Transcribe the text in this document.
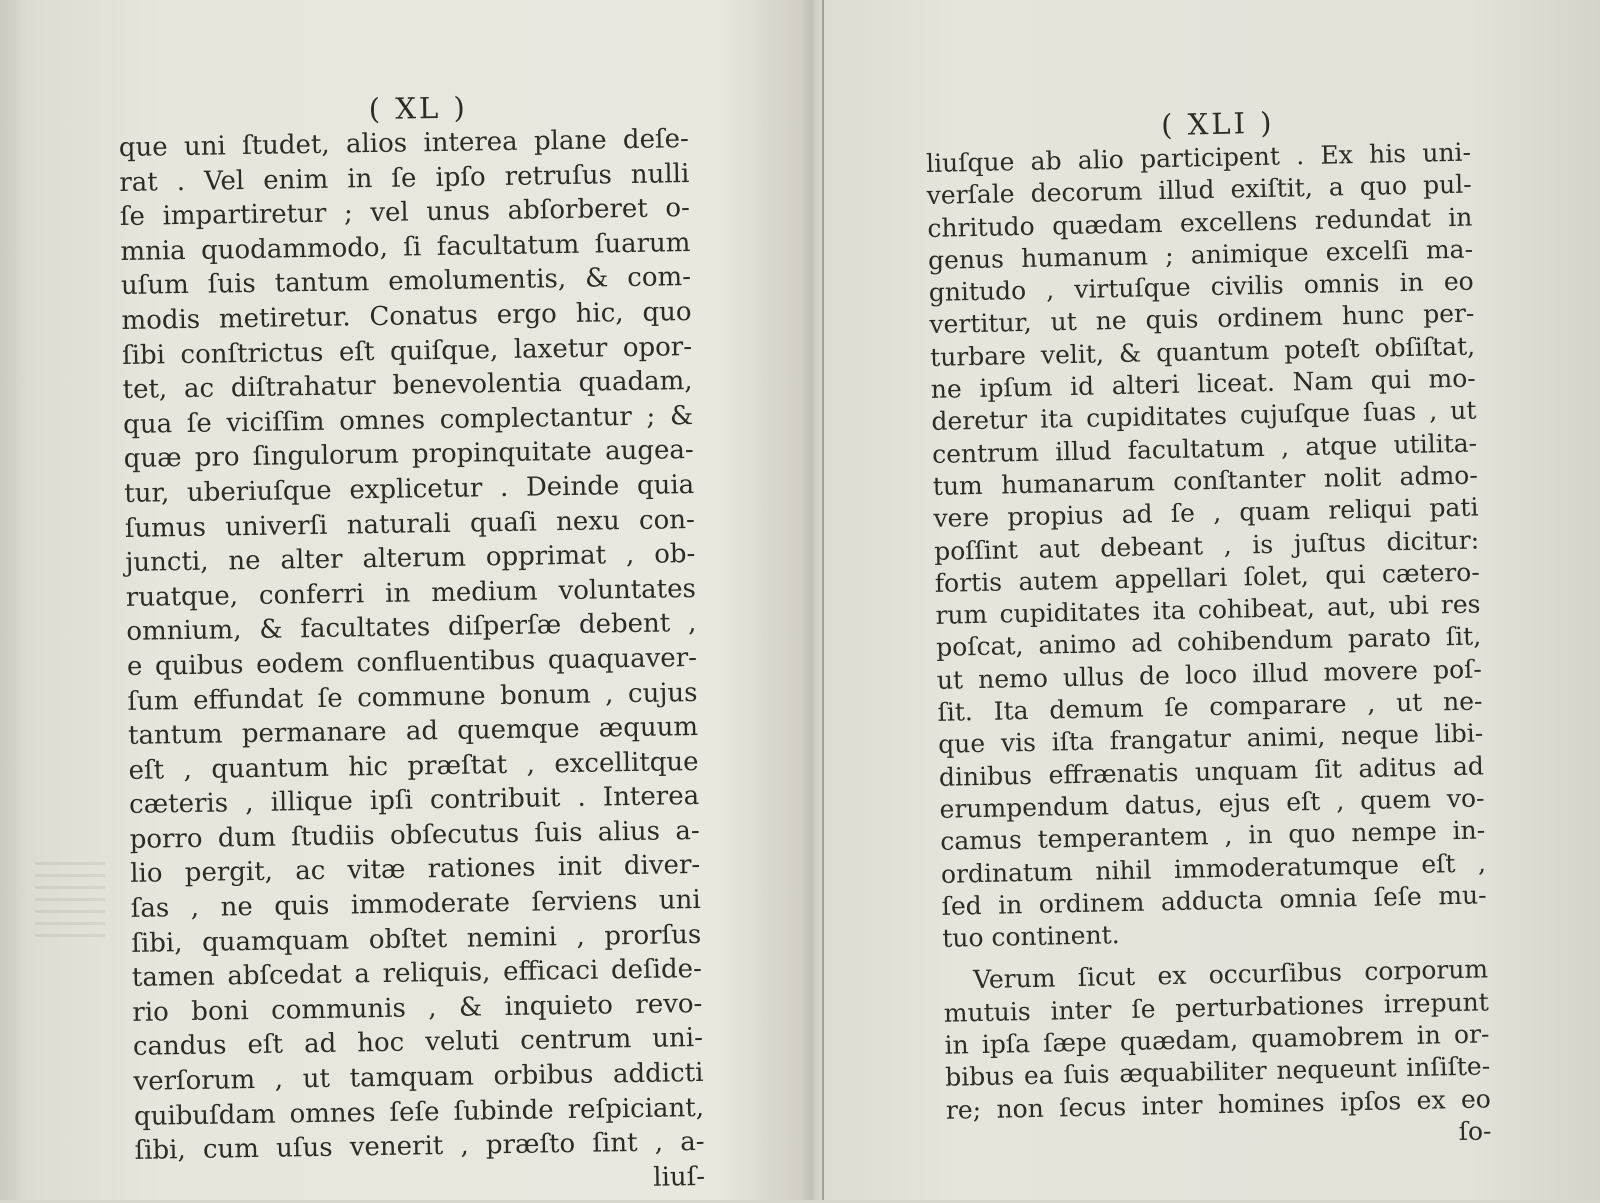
( XL )
que uni ſtudet, alios interea plane deſe-
rat . Vel enim in ſe ipſo retruſus nulli
ſe impartiretur ; vel unus abſorberet o-
mnia quodammodo, ſi facultatum ſuarum
uſum ſuis tantum emolumentis, & com-
modis metiretur. Conatus ergo hic, quo
ſibi conſtrictus eſt quiſque, laxetur opor-
tet, ac diſtrahatur benevolentia quadam,
qua ſe viciſſim omnes complectantur ; &
quæ pro ſingulorum propinquitate augea-
tur, uberiuſque explicetur . Deinde quia
ſumus univerſi naturali quaſi nexu con-
juncti, ne alter alterum opprimat , ob-
ruatque, conferri in medium voluntates
omnium, & facultates diſperſæ debent ,
e quibus eodem confluentibus quaquaver-
ſum effundat ſe commune bonum , cujus
tantum permanare ad quemque æquum
eſt , quantum hic præſtat , excellitque
cæteris , illique ipſi contribuit . Interea
porro dum ſtudiis obſecutus ſuis alius a-
lio pergit, ac vitæ rationes init diver-
ſas , ne quis immoderate ſerviens uni
ſibi, quamquam obſtet nemini , prorſus
tamen abſcedat a reliquis, efficaci deſide-
rio boni communis , & inquieto revo-
candus eſt ad hoc veluti centrum uni-
verſorum , ut tamquam orbibus addicti
quibuſdam omnes ſeſe ſubinde reſpiciant,
ſibi, cum uſus venerit , præſto ſint , a-
liuſ-
( XLI )
liuſque ab alio participent . Ex his uni-
verſale decorum illud exiſtit, a quo pul-
chritudo quædam excellens redundat in
genus humanum ; animique excelſi ma-
gnitudo , virtuſque civilis omnis in eo
vertitur, ut ne quis ordinem hunc per-
turbare velit, & quantum poteſt obſiſtat,
ne ipſum id alteri liceat. Nam qui mo-
deretur ita cupiditates cujuſque ſuas , ut
centrum illud facultatum , atque utilita-
tum humanarum conſtanter nolit admo-
vere propius ad ſe , quam reliqui pati
poſſint aut debeant , is juſtus dicitur:
fortis autem appellari ſolet, qui cætero-
rum cupiditates ita cohibeat, aut, ubi res
poſcat, animo ad cohibendum parato ſit,
ut nemo ullus de loco illud movere poſ-
ſit. Ita demum ſe comparare , ut ne-
que vis iſta frangatur animi, neque libi-
dinibus effrænatis unquam ſit aditus ad
erumpendum datus, ejus eſt , quem vo-
camus temperantem , in quo nempe in-
ordinatum nihil immoderatumque eſt ,
ſed in ordinem adducta omnia ſeſe mu-
tuo continent.
Verum ſicut ex occurſibus corporum
mutuis inter ſe perturbationes irrepunt
in ipſa ſæpe quædam, quamobrem in or-
bibus ea ſuis æquabiliter nequeunt inſiſte-
re; non ſecus inter homines ipſos ex eo
ſo-
